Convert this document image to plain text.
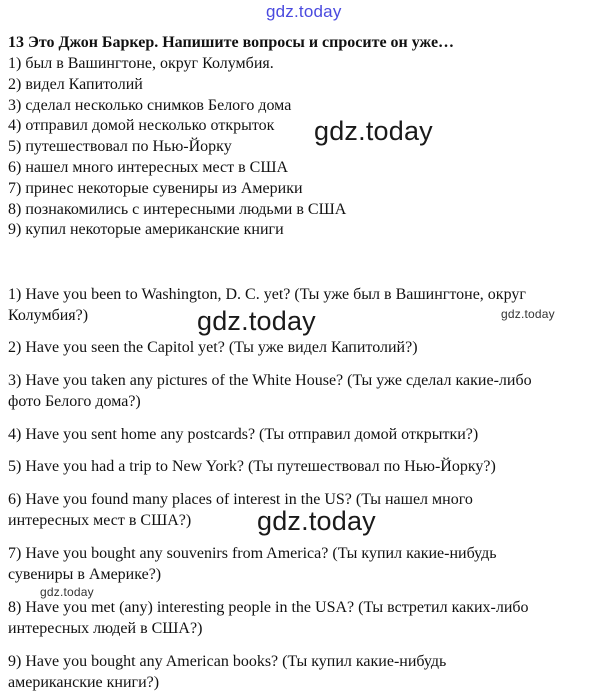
gdz.today
gdz.today
gdz.today	gdz.today
gdz.today
gdz.today
13 Это Джон Баркер. Напишите вопросы и спросите он уже…
1) был в Вашингтоне, округ Колумбия.
2) видел Капитолий
3) сделал несколько снимков Белого дома
4) отправил домой несколько открыток
5) путешествовал по Нью-Йорку
6) нашел много интересных мест в США
7) принес некоторые сувениры из Америки
8) познакомились с интересными людьми в США
9) купил некоторые американские книги
1) Have you been to Washington, D. C. yet? (Ты уже был в Вашингтоне, округ
Колумбия?)
2) Have you seen the Capitol yet? (Ты уже видел Капитолий?)
3) Have you taken any pictures of the White House? (Ты уже сделал какие-либо
фото Белого дома?)
4) Have you sent home any postcards? (Ты отправил домой открытки?)
5) Have you had a trip to New York? (Ты путешествовал по Нью-Йорку?)
6) Have you found many places of interest in the US? (Ты нашел много
интересных мест в США?)
7) Have you bought any souvenirs from America? (Ты купил какие-нибудь
сувениры в Америке?)
8) Have you met (any) interesting people in the USA? (Ты встретил каких-либо
интересных людей в США?)
9) Have you bought any American books? (Ты купил какие-нибудь
американские книги?)
